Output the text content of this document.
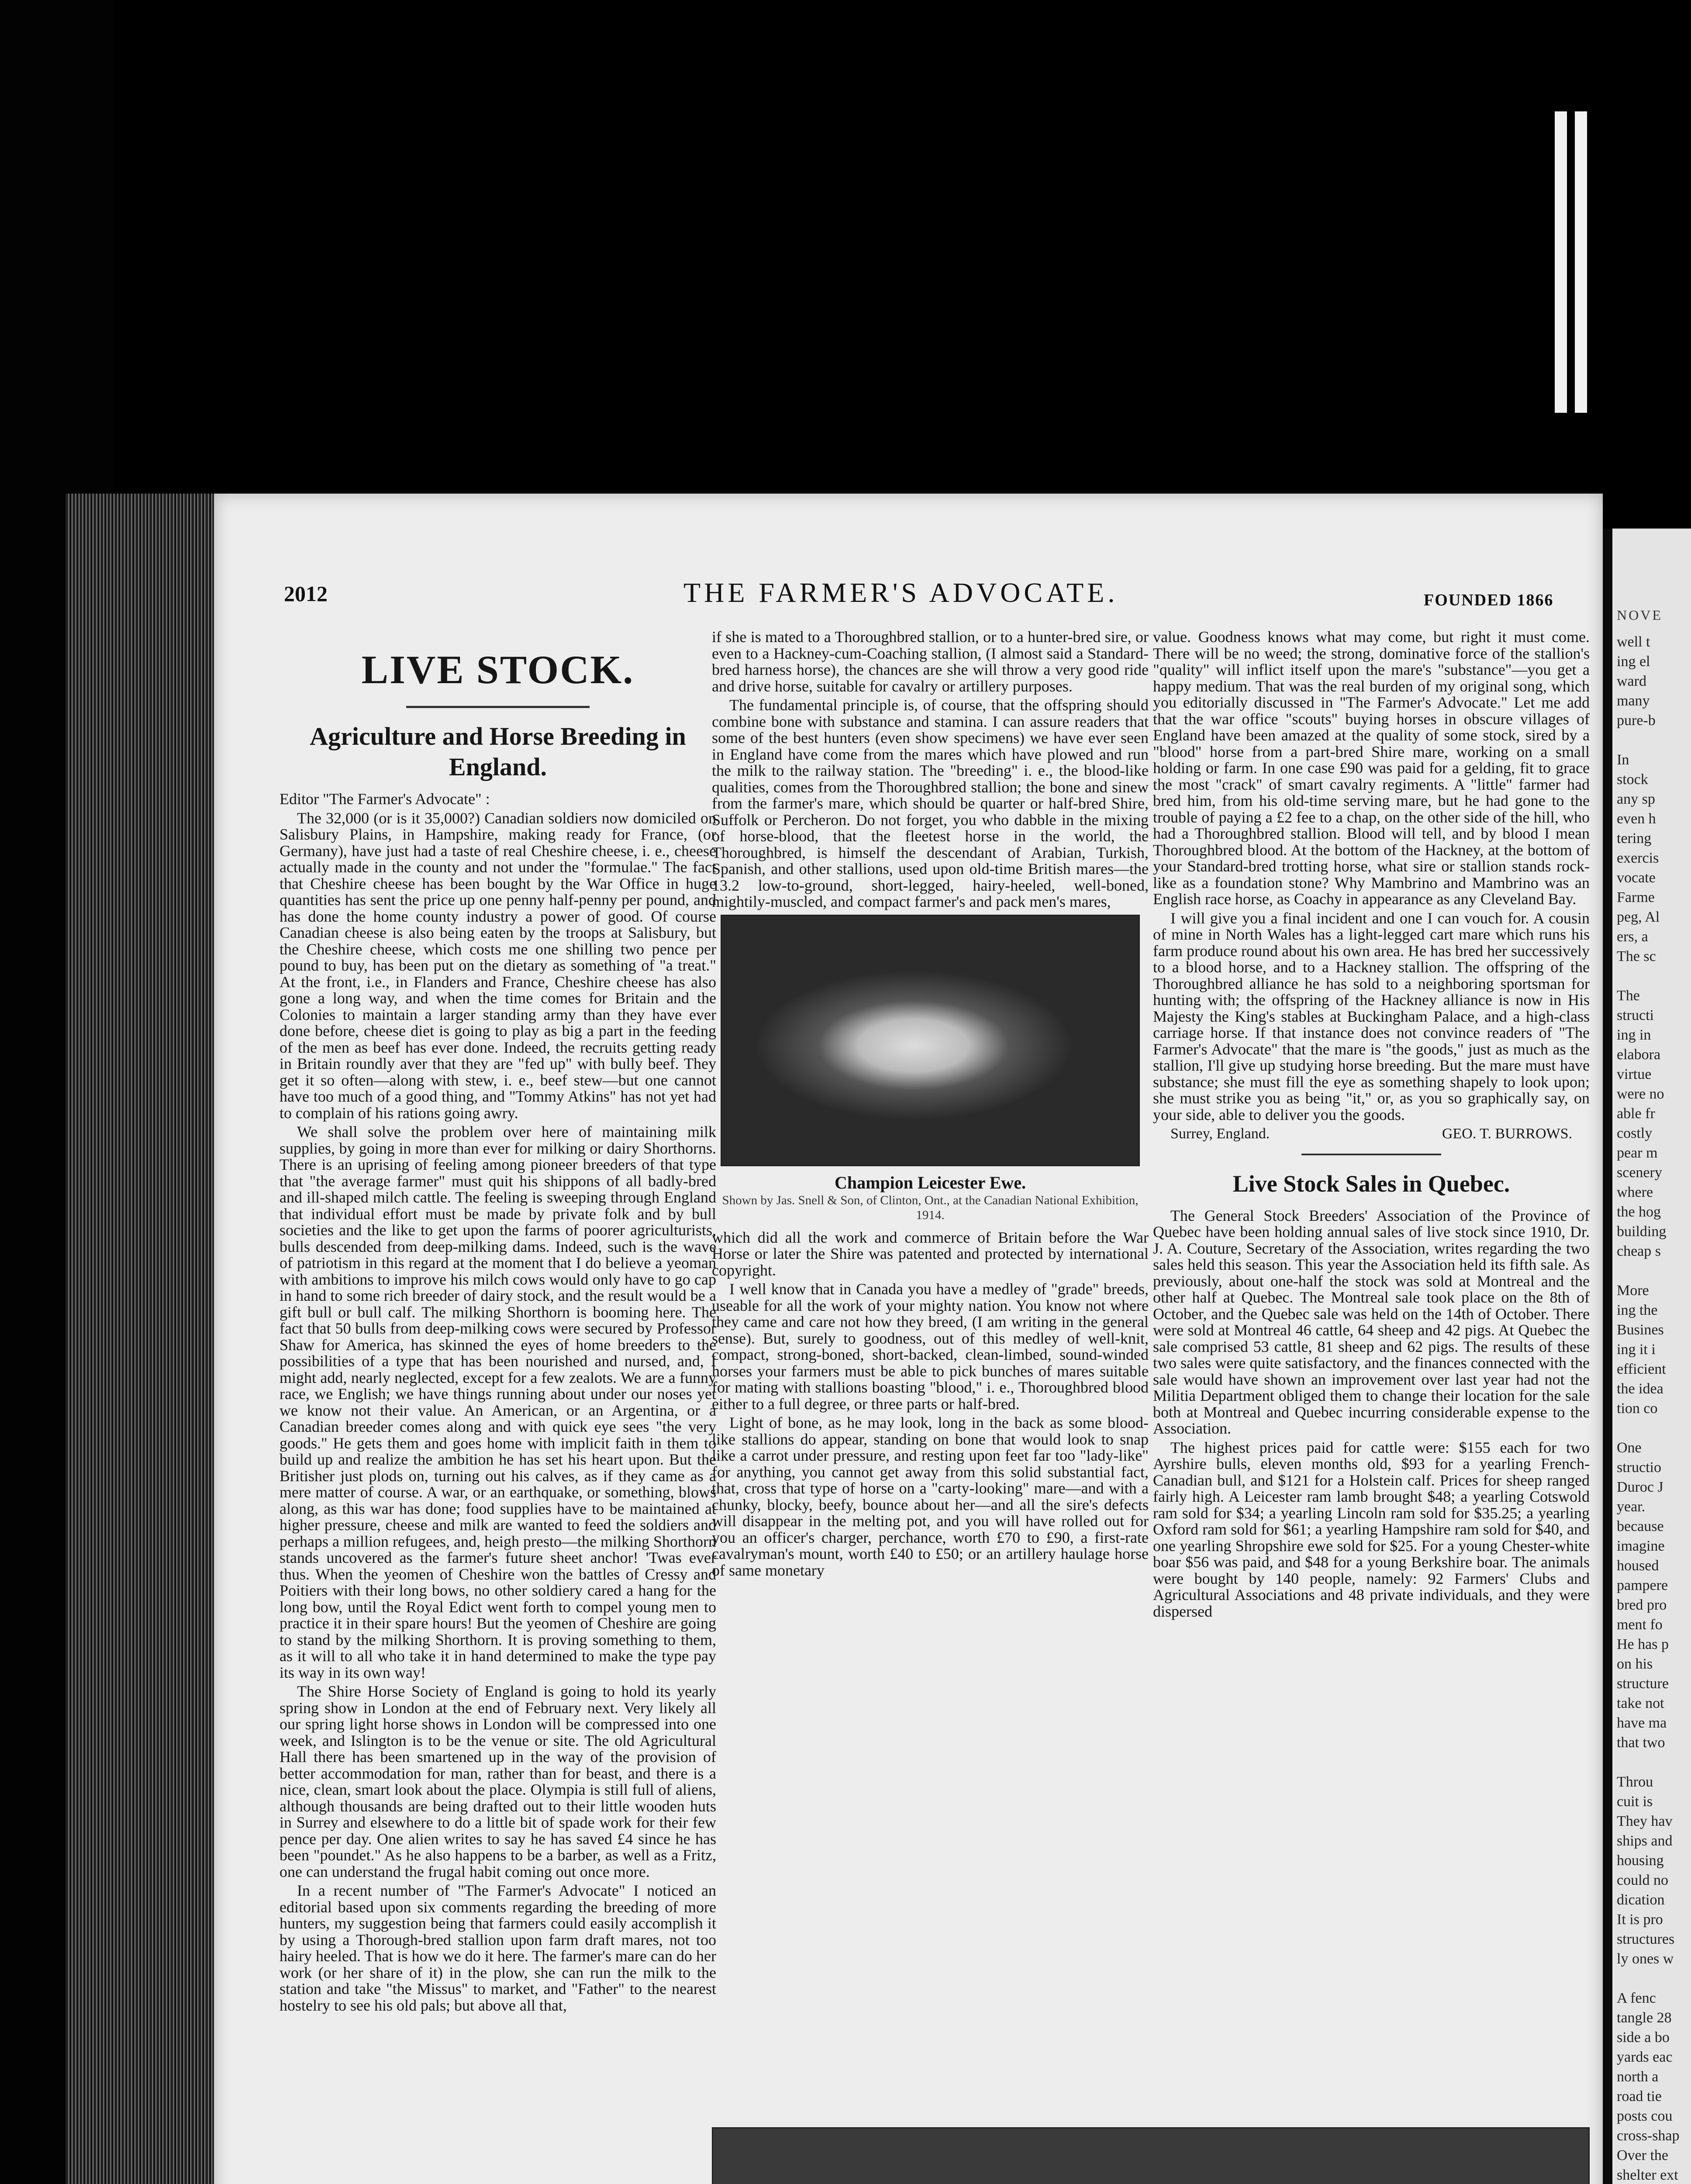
NOVE
well t
ing el
ward
many
pure-b

In
stock
any sp
even h
tering
exercis
vocate
Farme
peg, Al
ers, a
The sc

The
structi
ing in
elabora
virtue
were no
able fr
costly
pear m
scenery
where
the hog
building
cheap s

More
ing the
Busines
ing it i
efficient
the idea
tion co

One
structio
Duroc J
year.
because
imagine
housed
pampere
bred pro
ment fo
He has p
on his
structure
take not
have ma
that two

Throu
cuit is
They hav
ships and
housing
could no
dication
It is pro
structures
ly ones w

A fenc
tangle 28
side a bo
yards eac
north a
road tie
posts cou
cross-shap
Over the
shelter ext

2012	THE FARMER'S ADVOCATE.	FOUNDED 1866
LIVE STOCK.
Agriculture and Horse Breeding in England.

Editor "The Farmer's Advocate" :

The 32,000 (or is it 35,000?) Canadian soldiers now domiciled on Salisbury Plains, in Hampshire, making ready for France, (or Germany), have just had a taste of real Cheshire cheese, i. e., cheese actually made in the county and not under the "formulae." The fact that Cheshire cheese has been bought by the War Office in huge quantities has sent the price up one penny half-penny per pound, and has done the home county industry a power of good. Of course Canadian cheese is also being eaten by the troops at Salisbury, but the Cheshire cheese, which costs me one shilling two pence per pound to buy, has been put on the dietary as something of "a treat." At the front, i.e., in Flanders and France, Cheshire cheese has also gone a long way, and when the time comes for Britain and the Colonies to maintain a larger standing army than they have ever done before, cheese diet is going to play as big a part in the feeding of the men as beef has ever done. Indeed, the recruits getting ready in Britain roundly aver that they are "fed up" with bully beef. They get it so often—along with stew, i. e., beef stew—but one cannot have too much of a good thing, and "Tommy Atkins" has not yet had to complain of his rations going awry.

We shall solve the problem over here of maintaining milk supplies, by going in more than ever for milking or dairy Shorthorns. There is an uprising of feeling among pioneer breeders of that type that "the average farmer" must quit his shippons of all badly-bred and ill-shaped milch cattle. The feeling is sweeping through England that individual effort must be made by private folk and by bull societies and the like to get upon the farms of poorer agriculturists, bulls descended from deep-milking dams. Indeed, such is the wave of patriotism in this regard at the moment that I do believe a yeoman with ambitions to improve his milch cows would only have to go cap in hand to some rich breeder of dairy stock, and the result would be a gift bull or bull calf. The milking Shorthorn is booming here. The fact that 50 bulls from deep-milking cows were secured by Professor Shaw for America, has skinned the eyes of home breeders to the possibilities of a type that has been nourished and nursed, and, I might add, nearly neglected, except for a few zealots. We are a funny race, we English; we have things running about under our noses yet we know not their value. An American, or an Argentina, or a Canadian breeder comes along and with quick eye sees "the very goods." He gets them and goes home with implicit faith in them to build up and realize the ambition he has set his heart upon. But the Britisher just plods on, turning out his calves, as if they came as a mere matter of course. A war, or an earthquake, or something, blows along, as this war has done; food supplies have to be maintained at higher pressure, cheese and milk are wanted to feed the soldiers and perhaps a million refugees, and, heigh presto—the milking Shorthorn stands uncovered as the farmer's future sheet anchor! 'Twas ever thus. When the yeomen of Cheshire won the battles of Cressy and Poitiers with their long bows, no other soldiery cared a hang for the long bow, until the Royal Edict went forth to compel young men to practice it in their spare hours! But the yeomen of Cheshire are going to stand by the milking Shorthorn. It is proving something to them, as it will to all who take it in hand determined to make the type pay its way in its own way!

The Shire Horse Society of England is going to hold its yearly spring show in London at the end of February next. Very likely all our spring light horse shows in London will be compressed into one week, and Islington is to be the venue or site. The old Agricultural Hall there has been smartened up in the way of the provision of better accommodation for man, rather than for beast, and there is a nice, clean, smart look about the place. Olympia is still full of aliens, although thousands are being drafted out to their little wooden huts in Surrey and elsewhere to do a little bit of spade work for their few pence per day. One alien writes to say he has saved £4 since he has been "poundet." As he also happens to be a barber, as well as a Fritz, one can understand the frugal habit coming out once more.

In a recent number of "The Farmer's Advocate" I noticed an editorial based upon six comments regarding the breeding of more hunters, my suggestion being that farmers could easily accomplish it by using a Thorough-bred stallion upon farm draft mares, not too hairy heeled. That is how we do it here. The farmer's mare can do her work (or her share of it) in the plow, she can run the milk to the station and take "the Missus" to market, and "Father" to the nearest hostelry to see his old pals; but above all that,

if she is mated to a Thoroughbred stallion, or to a hunter-bred sire, or even to a Hackney-cum-Coaching stallion, (I almost said a Standard-bred harness horse), the chances are she will throw a very good ride and drive horse, suitable for cavalry or artillery purposes.

The fundamental principle is, of course, that the offspring should combine bone with substance and stamina. I can assure readers that some of the best hunters (even show specimens) we have ever seen in England have come from the mares which have plowed and run the milk to the railway station. The "breeding" i. e., the blood-like qualities, comes from the Thoroughbred stallion; the bone and sinew from the farmer's mare, which should be quarter or half-bred Shire, Suffolk or Percheron. Do not forget, you who dabble in the mixing of horse-blood, that the fleetest horse in the world, the Thoroughbred, is himself the descendant of Arabian, Turkish, Spanish, and other stallions, used upon old-time British mares—the 13.2 low-to-ground, short-legged, hairy-heeled, well-boned, mightily-muscled, and compact farmer's and pack men's mares,

Champion Leicester Ewe.
Shown by Jas. Snell & Son, of Clinton, Ont., at the Canadian National Exhibition, 1914.

which did all the work and commerce of Britain before the War Horse or later the Shire was patented and protected by international copyright.

I well know that in Canada you have a medley of "grade" breeds, useable for all the work of your mighty nation. You know not where they came and care not how they breed, (I am writing in the general sense). But, surely to goodness, out of this medley of well-knit, compact, strong-boned, short-backed, clean-limbed, sound-winded horses your farmers must be able to pick bunches of mares suitable for mating with stallions boasting "blood," i. e., Thoroughbred blood either to a full degree, or three parts or half-bred.

Light of bone, as he may look, long in the back as some blood-like stallions do appear, standing on bone that would look to snap like a carrot under pressure, and resting upon feet far too "lady-like" for anything, you cannot get away from this solid substantial fact, that, cross that type of horse on a "carty-looking" mare—and with a chunky, blocky, beefy, bounce about her—and all the sire's defects will disappear in the melting pot, and you will have rolled out for you an officer's charger, perchance, worth £70 to £90, a first-rate cavalryman's mount, worth £40 to £50; or an artillery haulage horse of same monetary

value. Goodness knows what may come, but right it must come. There will be no weed; the strong, dominative force of the stallion's "quality" will inflict itself upon the mare's "substance"—you get a happy medium. That was the real burden of my original song, which you editorially discussed in "The Farmer's Advocate." Let me add that the war office "scouts" buying horses in obscure villages of England have been amazed at the quality of some stock, sired by a "blood" horse from a part-bred Shire mare, working on a small holding or farm. In one case £90 was paid for a gelding, fit to grace the most "crack" of smart cavalry regiments. A "little" farmer had bred him, from his old-time serving mare, but he had gone to the trouble of paying a £2 fee to a chap, on the other side of the hill, who had a Thoroughbred stallion. Blood will tell, and by blood I mean Thoroughbred blood. At the bottom of the Hackney, at the bottom of your Standard-bred trotting horse, what sire or stallion stands rock-like as a foundation stone? Why Mambrino and Mambrino was an English race horse, as Coachy in appearance as any Cleveland Bay.

I will give you a final incident and one I can vouch for. A cousin of mine in North Wales has a light-legged cart mare which runs his farm produce round about his own area. He has bred her successively to a blood horse, and to a Hackney stallion. The offspring of the Thoroughbred alliance he has sold to a neighboring sportsman for hunting with; the offspring of the Hackney alliance is now in His Majesty the King's stables at Buckingham Palace, and a high-class carriage horse. If that instance does not convince readers of "The Farmer's Advocate" that the mare is "the goods," just as much as the stallion, I'll give up studying horse breeding. But the mare must have substance; she must fill the eye as something shapely to look upon; she must strike you as being "it," or, as you so graphically say, on your side, able to deliver you the goods.

Surrey, England.	GEO. T. BURROWS.

Live Stock Sales in Quebec.

The General Stock Breeders' Association of the Province of Quebec have been holding annual sales of live stock since 1910, Dr. J. A. Couture, Secretary of the Association, writes regarding the two sales held this season. This year the Association held its fifth sale. As previously, about one-half the stock was sold at Montreal and the other half at Quebec. The Montreal sale took place on the 8th of October, and the Quebec sale was held on the 14th of October. There were sold at Montreal 46 cattle, 64 sheep and 42 pigs. At Quebec the sale comprised 53 cattle, 81 sheep and 62 pigs. The results of these two sales were quite satisfactory, and the finances connected with the sale would have shown an improvement over last year had not the Militia Department obliged them to change their location for the sale both at Montreal and Quebec incurring considerable expense to the Association.

The highest prices paid for cattle were: $155 each for two Ayrshire bulls, eleven months old, $93 for a yearling French-Canadian bull, and $121 for a Holstein calf. Prices for sheep ranged fairly high. A Leicester ram lamb brought $48; a yearling Cotswold ram sold for $34; a yearling Lincoln ram sold for $35.25; a yearling Oxford ram sold for $61; a yearling Hampshire ram sold for $40, and one yearling Shropshire ewe sold for $25. For a young Chester-white boar $56 was paid, and $48 for a young Berkshire boar. The animals were bought by 140 people, namely: 92 Farmers' Clubs and Agricultural Associations and 48 private individuals, and they were dispersed
